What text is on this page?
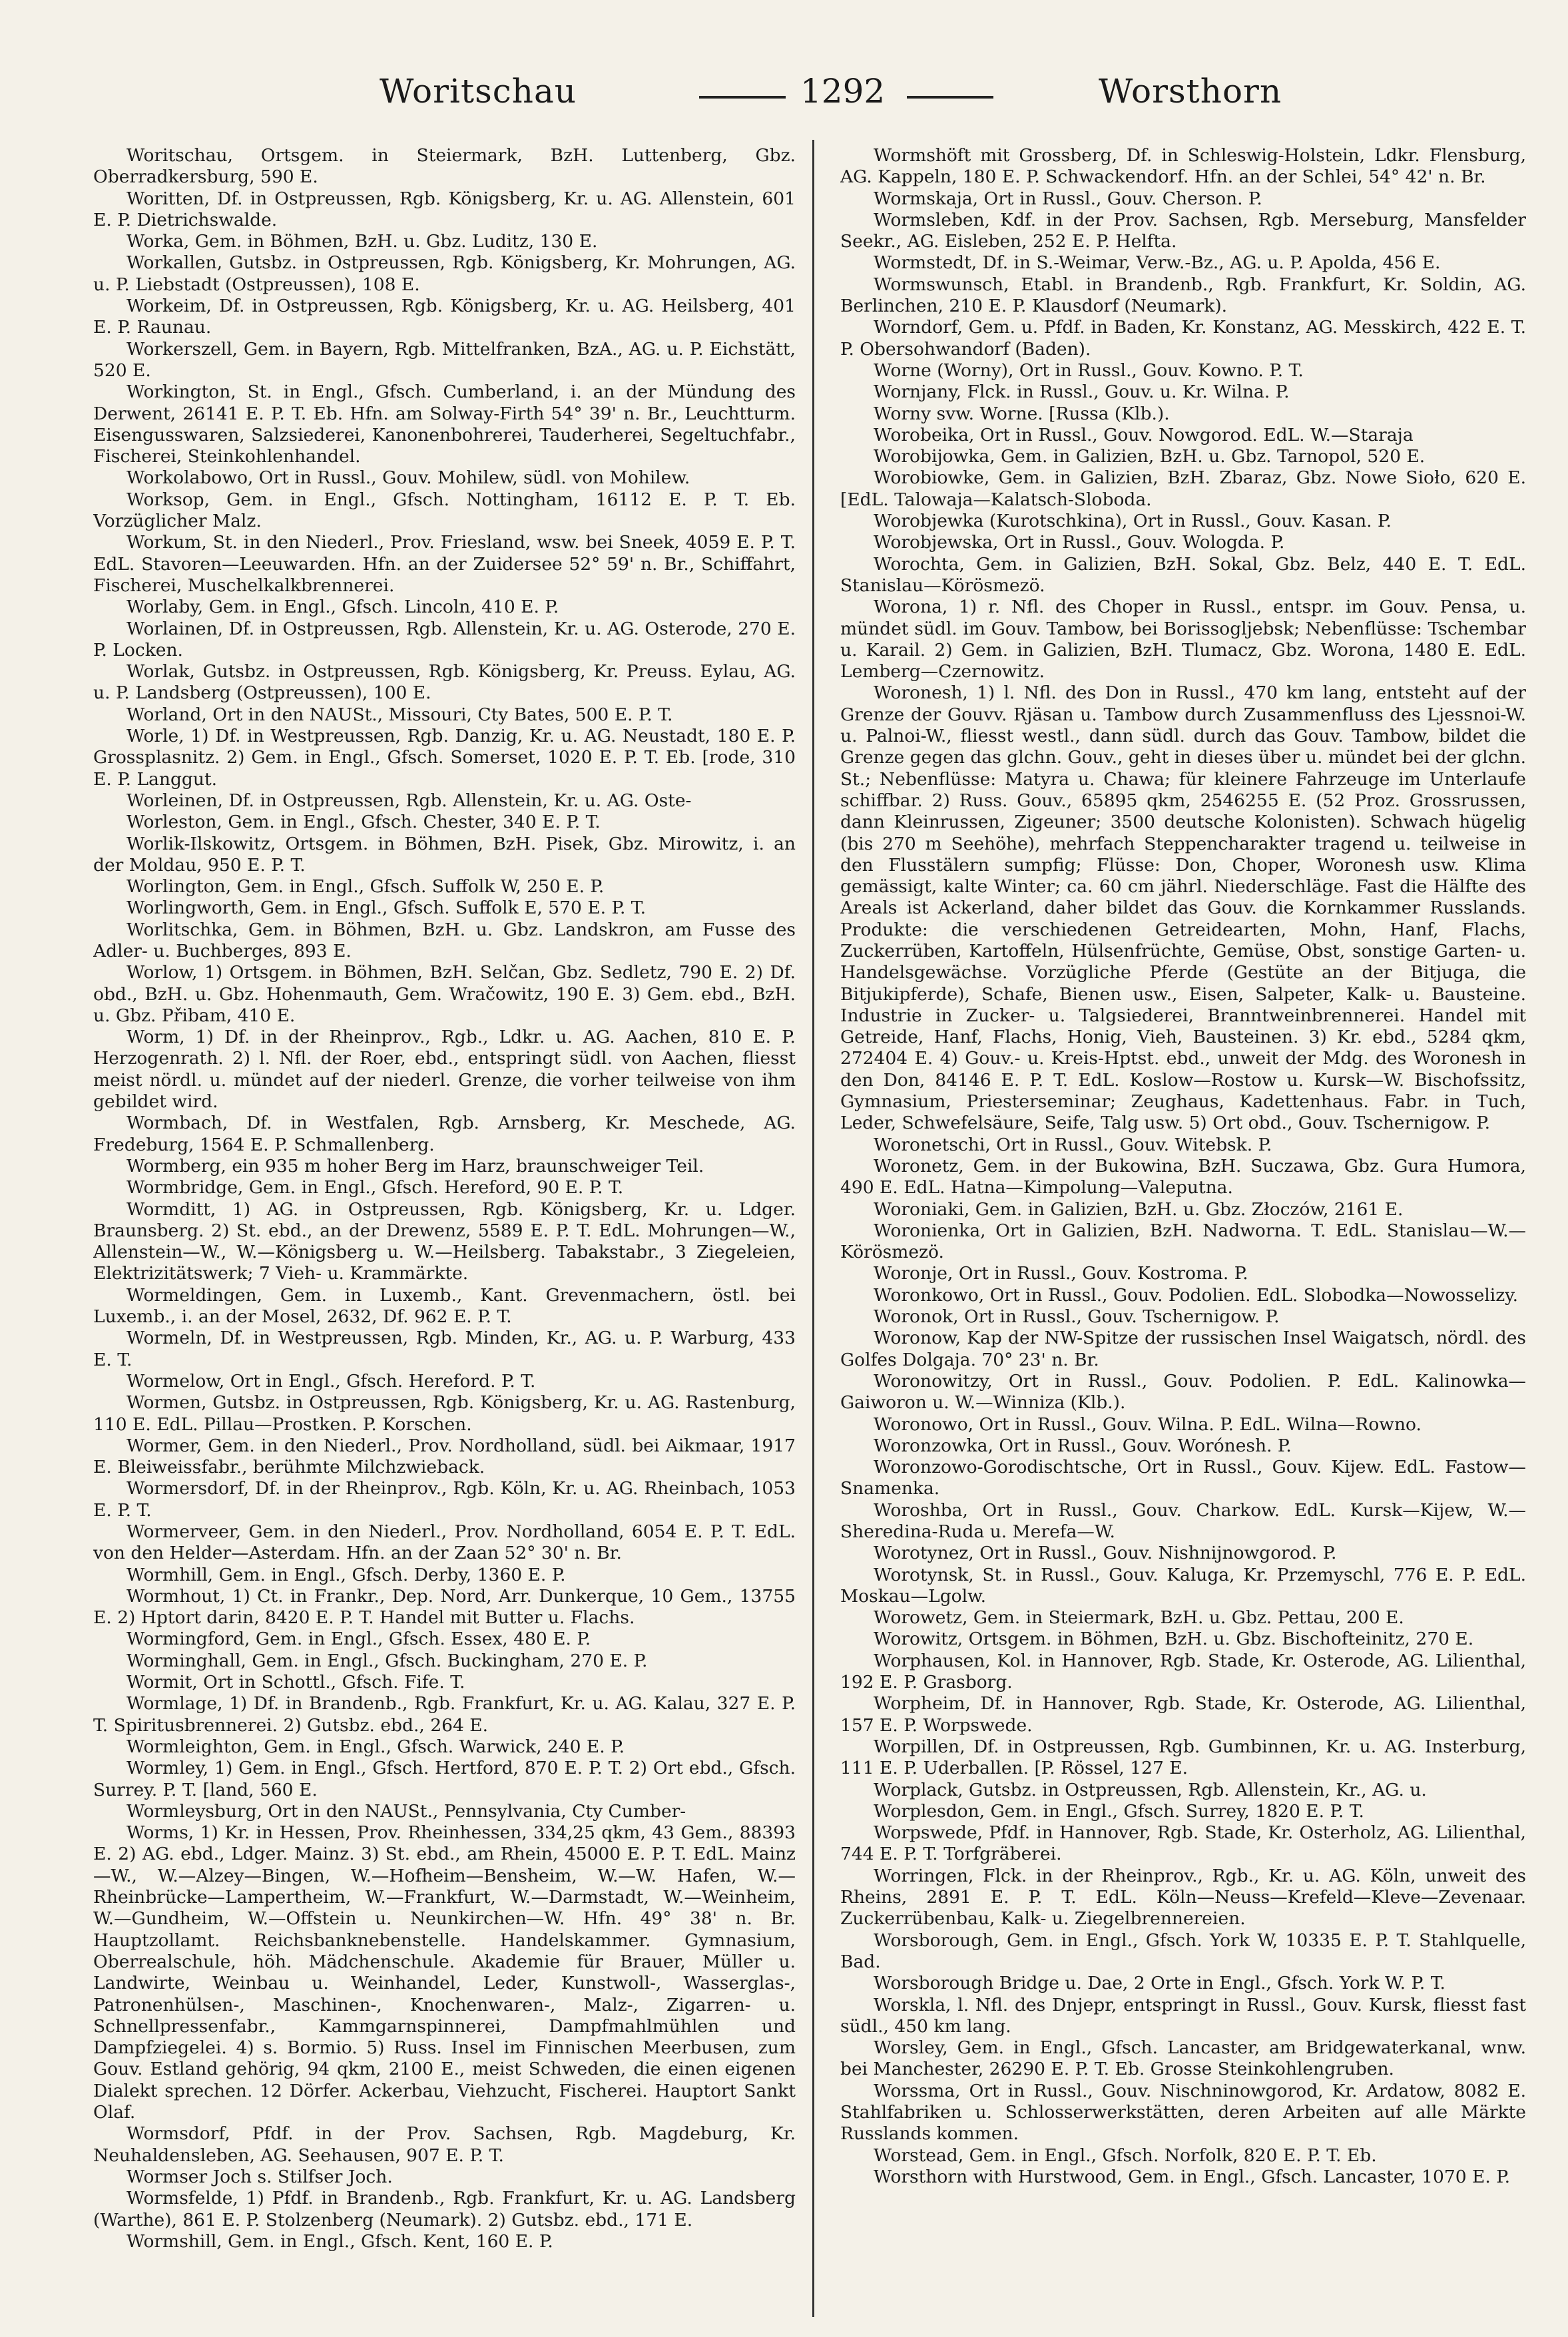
Woritschau	1292	Worsthorn

Woritschau, Ortsgem. in Steiermark, BzH. Luttenberg, Gbz. Oberradkersburg, 590 E.

Woritten, Df. in Ostpreussen, Rgb. Königsberg, Kr. u. AG. Allenstein, 601 E. P. Dietrichswalde.

Worka, Gem. in Böhmen, BzH. u. Gbz. Luditz, 130 E.

Workallen, Gutsbz. in Ostpreussen, Rgb. Königsberg, Kr. Mohrungen, AG. u. P. Liebstadt (Ostpreussen), 108 E.

Workeim, Df. in Ostpreussen, Rgb. Königsberg, Kr. u. AG. Heilsberg, 401 E. P. Raunau.

Workerszell, Gem. in Bayern, Rgb. Mittelfranken, BzA., AG. u. P. Eichstätt, 520 E.

Workington, St. in Engl., Gfsch. Cumberland, i. an der Mündung des Derwent, 26141 E. P. T. Eb. Hfn. am Solway-Firth 54° 39' n. Br., Leuchtturm. Eisengusswaren, Salzsiederei, Kanonenbohrerei, Tauderherei, Segeltuchfabr., Fischerei, Steinkohlenhandel.

Workolabowo, Ort in Russl., Gouv. Mohilew, südl. von Mohilew.

Worksop, Gem. in Engl., Gfsch. Nottingham, 16112 E. P. T. Eb. Vorzüglicher Malz.

Workum, St. in den Niederl., Prov. Friesland, wsw. bei Sneek, 4059 E. P. T. EdL. Stavoren—Leeuwarden. Hfn. an der Zuidersee 52° 59' n. Br., Schiffahrt, Fischerei, Muschelkalkbrennerei.

Worlaby, Gem. in Engl., Gfsch. Lincoln, 410 E. P.

Worlainen, Df. in Ostpreussen, Rgb. Allenstein, Kr. u. AG. Osterode, 270 E. P. Locken.

Worlak, Gutsbz. in Ostpreussen, Rgb. Königsberg, Kr. Preuss. Eylau, AG. u. P. Landsberg (Ostpreussen), 100 E.

Worland, Ort in den NAUSt., Missouri, Cty Bates, 500 E. P. T.

Worle, 1) Df. in Westpreussen, Rgb. Danzig, Kr. u. AG. Neustadt, 180 E. P. Grossplasnitz. 2) Gem. in Engl., Gfsch. Somerset, 1020 E. P. T. Eb. [rode, 310 E. P. Langgut.

Worleinen, Df. in Ostpreussen, Rgb. Allenstein, Kr. u. AG. Oste-

Worleston, Gem. in Engl., Gfsch. Chester, 340 E. P. T.

Worlik-Ilskowitz, Ortsgem. in Böhmen, BzH. Pisek, Gbz. Mirowitz, i. an der Moldau, 950 E. P. T.

Worlington, Gem. in Engl., Gfsch. Suffolk W, 250 E. P.

Worlingworth, Gem. in Engl., Gfsch. Suffolk E, 570 E. P. T.

Worlitschka, Gem. in Böhmen, BzH. u. Gbz. Landskron, am Fusse des Adler- u. Buchberges, 893 E.

Worlow, 1) Ortsgem. in Böhmen, BzH. Selčan, Gbz. Sedletz, 790 E. 2) Df. obd., BzH. u. Gbz. Hohenmauth, Gem. Wračowitz, 190 E. 3) Gem. ebd., BzH. u. Gbz. Přibam, 410 E.

Worm, 1) Df. in der Rheinprov., Rgb., Ldkr. u. AG. Aachen, 810 E. P. Herzogenrath. 2) l. Nfl. der Roer, ebd., entspringt südl. von Aachen, fliesst meist nördl. u. mündet auf der niederl. Grenze, die vorher teilweise von ihm gebildet wird.

Wormbach, Df. in Westfalen, Rgb. Arnsberg, Kr. Meschede, AG. Fredeburg, 1564 E. P. Schmallenberg.

Wormberg, ein 935 m hoher Berg im Harz, braunschweiger Teil.

Wormbridge, Gem. in Engl., Gfsch. Hereford, 90 E. P. T.

Wormditt, 1) AG. in Ostpreussen, Rgb. Königsberg, Kr. u. Ldger. Braunsberg. 2) St. ebd., an der Drewenz, 5589 E. P. T. EdL. Mohrungen—W., Allenstein—W., W.—Königsberg u. W.—Heilsberg. Tabakstabr., 3 Ziegeleien, Elektrizitätswerk; 7 Vieh- u. Krammärkte.

Wormeldingen, Gem. in Luxemb., Kant. Grevenmachern, östl. bei Luxemb., i. an der Mosel, 2632, Df. 962 E. P. T.

Wormeln, Df. in Westpreussen, Rgb. Minden, Kr., AG. u. P. Warburg, 433 E. T.

Wormelow, Ort in Engl., Gfsch. Hereford. P. T.

Wormen, Gutsbz. in Ostpreussen, Rgb. Königsberg, Kr. u. AG. Rastenburg, 110 E. EdL. Pillau—Prostken. P. Korschen.

Wormer, Gem. in den Niederl., Prov. Nordholland, südl. bei Aikmaar, 1917 E. Bleiweissfabr., berühmte Milchzwieback.

Wormersdorf, Df. in der Rheinprov., Rgb. Köln, Kr. u. AG. Rheinbach, 1053 E. P. T.

Wormerveer, Gem. in den Niederl., Prov. Nordholland, 6054 E. P. T. EdL. von den Helder—Asterdam. Hfn. an der Zaan 52° 30' n. Br.

Wormhill, Gem. in Engl., Gfsch. Derby, 1360 E. P.

Wormhout, 1) Ct. in Frankr., Dep. Nord, Arr. Dunkerque, 10 Gem., 13755 E. 2) Hptort darin, 8420 E. P. T. Handel mit Butter u. Flachs.

Wormingford, Gem. in Engl., Gfsch. Essex, 480 E. P.

Worminghall, Gem. in Engl., Gfsch. Buckingham, 270 E. P.

Wormit, Ort in Schottl., Gfsch. Fife. T.

Wormlage, 1) Df. in Brandenb., Rgb. Frankfurt, Kr. u. AG. Kalau, 327 E. P. T. Spiritusbrennerei. 2) Gutsbz. ebd., 264 E.

Wormleighton, Gem. in Engl., Gfsch. Warwick, 240 E. P.

Wormley, 1) Gem. in Engl., Gfsch. Hertford, 870 E. P. T. 2) Ort ebd., Gfsch. Surrey. P. T. [land, 560 E.

Wormleysburg, Ort in den NAUSt., Pennsylvania, Cty Cumber-

Worms, 1) Kr. in Hessen, Prov. Rheinhessen, 334,25 qkm, 43 Gem., 88393 E. 2) AG. ebd., Ldger. Mainz. 3) St. ebd., am Rhein, 45000 E. P. T. EdL. Mainz—W., W.—Alzey—Bingen, W.—Hofheim—Bensheim, W.—W. Hafen, W.—Rheinbrücke—Lampertheim, W.—Frankfurt, W.—Darmstadt, W.—Weinheim, W.—Gundheim, W.—Offstein u. Neunkirchen—W. Hfn. 49° 38' n. Br. Hauptzollamt. Reichsbanknebenstelle. Handelskammer. Gymnasium, Oberrealschule, höh. Mädchenschule. Akademie für Brauer, Müller u. Landwirte, Weinbau u. Weinhandel, Leder, Kunstwoll-, Wasserglas-, Patronenhülsen-, Maschinen-, Knochenwaren-, Malz-, Zigarren- u. Schnellpressenfabr., Kammgarnspinnerei, Dampfmahlmühlen und Dampfziegelei. 4) s. Bormio. 5) Russ. Insel im Finnischen Meerbusen, zum Gouv. Estland gehörig, 94 qkm, 2100 E., meist Schweden, die einen eigenen Dialekt sprechen. 12 Dörfer. Ackerbau, Viehzucht, Fischerei. Hauptort Sankt Olaf.

Wormsdorf, Pfdf. in der Prov. Sachsen, Rgb. Magdeburg, Kr. Neuhaldensleben, AG. Seehausen, 907 E. P. T.

Wormser Joch s. Stilfser Joch.

Wormsfelde, 1) Pfdf. in Brandenb., Rgb. Frankfurt, Kr. u. AG. Landsberg (Warthe), 861 E. P. Stolzenberg (Neumark). 2) Gutsbz. ebd., 171 E.

Wormshill, Gem. in Engl., Gfsch. Kent, 160 E. P.

Wormshöft mit Grossberg, Df. in Schleswig-Holstein, Ldkr. Flensburg, AG. Kappeln, 180 E. P. Schwackendorf. Hfn. an der Schlei, 54° 42' n. Br.

Wormskaja, Ort in Russl., Gouv. Cherson. P.

Wormsleben, Kdf. in der Prov. Sachsen, Rgb. Merseburg, Mansfelder Seekr., AG. Eisleben, 252 E. P. Helfta.

Wormstedt, Df. in S.-Weimar, Verw.-Bz., AG. u. P. Apolda, 456 E.

Wormswunsch, Etabl. in Brandenb., Rgb. Frankfurt, Kr. Soldin, AG. Berlinchen, 210 E. P. Klausdorf (Neumark).

Worndorf, Gem. u. Pfdf. in Baden, Kr. Konstanz, AG. Messkirch, 422 E. T. P. Obersohwandorf (Baden).

Worne (Worny), Ort in Russl., Gouv. Kowno. P. T.

Wornjany, Flck. in Russl., Gouv. u. Kr. Wilna. P.

Worny svw. Worne. [Russa (Klb.).

Worobeika, Ort in Russl., Gouv. Nowgorod. EdL. W.—Staraja

Worobijowka, Gem. in Galizien, BzH. u. Gbz. Tarnopol, 520 E.

Worobiowke, Gem. in Galizien, BzH. Zbaraz, Gbz. Nowe Sioło, 620 E. [EdL. Talowaja—Kalatsch-Sloboda.

Worobjewka (Kurotschkina), Ort in Russl., Gouv. Kasan. P.

Worobjewska, Ort in Russl., Gouv. Wologda. P.

Worochta, Gem. in Galizien, BzH. Sokal, Gbz. Belz, 440 E. T. EdL. Stanislau—Körösmezö.

Worona, 1) r. Nfl. des Choper in Russl., entspr. im Gouv. Pensa, u. mündet südl. im Gouv. Tambow, bei Borissogljebsk; Nebenflüsse: Tschembar u. Karail. 2) Gem. in Galizien, BzH. Tlumacz, Gbz. Worona, 1480 E. EdL. Lemberg—Czernowitz.

Woronesh, 1) l. Nfl. des Don in Russl., 470 km lang, entsteht auf der Grenze der Gouvv. Rjäsan u. Tambow durch Zusammenfluss des Ljessnoi-W. u. Palnoi-W., fliesst westl., dann südl. durch das Gouv. Tambow, bildet die Grenze gegen das glchn. Gouv., geht in dieses über u. mündet bei der glchn. St.; Nebenflüsse: Matyra u. Chawa; für kleinere Fahrzeuge im Unterlaufe schiffbar. 2) Russ. Gouv., 65895 qkm, 2546255 E. (52 Proz. Grossrussen, dann Kleinrussen, Zigeuner; 3500 deutsche Kolonisten). Schwach hügelig (bis 270 m Seehöhe), mehrfach Steppencharakter tragend u. teilweise in den Flusstälern sumpfig; Flüsse: Don, Choper, Woronesh usw. Klima gemässigt, kalte Winter; ca. 60 cm jährl. Niederschläge. Fast die Hälfte des Areals ist Ackerland, daher bildet das Gouv. die Kornkammer Russlands. Produkte: die verschiedenen Getreidearten, Mohn, Hanf, Flachs, Zuckerrüben, Kartoffeln, Hülsenfrüchte, Gemüse, Obst, sonstige Garten- u. Handelsgewächse. Vorzügliche Pferde (Gestüte an der Bitjuga, die Bitjukipferde), Schafe, Bienen usw., Eisen, Salpeter, Kalk- u. Bausteine. Industrie in Zucker- u. Talgsiederei, Branntweinbrennerei. Handel mit Getreide, Hanf, Flachs, Honig, Vieh, Bausteinen. 3) Kr. ebd., 5284 qkm, 272404 E. 4) Gouv.- u. Kreis-Hptst. ebd., unweit der Mdg. des Woronesh in den Don, 84146 E. P. T. EdL. Koslow—Rostow u. Kursk—W. Bischofssitz, Gymnasium, Priesterseminar; Zeughaus, Kadettenhaus. Fabr. in Tuch, Leder, Schwefelsäure, Seife, Talg usw. 5) Ort obd., Gouv. Tschernigow. P.

Woronetschi, Ort in Russl., Gouv. Witebsk. P.

Woronetz, Gem. in der Bukowina, BzH. Suczawa, Gbz. Gura Humora, 490 E. EdL. Hatna—Kimpolung—Valeputna.

Woroniaki, Gem. in Galizien, BzH. u. Gbz. Złoczów, 2161 E.

Woronienka, Ort in Galizien, BzH. Nadworna. T. EdL. Stanislau—W.—Körösmezö.

Woronje, Ort in Russl., Gouv. Kostroma. P.

Woronkowo, Ort in Russl., Gouv. Podolien. EdL. Slobodka—Nowosselizy.

Woronok, Ort in Russl., Gouv. Tschernigow. P.

Woronow, Kap der NW-Spitze der russischen Insel Waigatsch, nördl. des Golfes Dolgaja. 70° 23' n. Br.

Woronowitzy, Ort in Russl., Gouv. Podolien. P. EdL. Kalinowka—Gaiworon u. W.—Winniza (Klb.).

Woronowo, Ort in Russl., Gouv. Wilna. P. EdL. Wilna—Rowno.

Woronzowka, Ort in Russl., Gouv. Worónesh. P.

Woronzowo-Gorodischtsche, Ort in Russl., Gouv. Kijew. EdL. Fastow—Snamenka.

Woroshba, Ort in Russl., Gouv. Charkow. EdL. Kursk—Kijew, W.—Sheredina-Ruda u. Merefa—W.

Worotynez, Ort in Russl., Gouv. Nishnijnowgorod. P.

Worotynsk, St. in Russl., Gouv. Kaluga, Kr. Przemyschl, 776 E. P. EdL. Moskau—Lgolw.

Worowetz, Gem. in Steiermark, BzH. u. Gbz. Pettau, 200 E.

Worowitz, Ortsgem. in Böhmen, BzH. u. Gbz. Bischofteinitz, 270 E.

Worphausen, Kol. in Hannover, Rgb. Stade, Kr. Osterode, AG. Lilienthal, 192 E. P. Grasborg.

Worpheim, Df. in Hannover, Rgb. Stade, Kr. Osterode, AG. Lilienthal, 157 E. P. Worpswede.

Worpillen, Df. in Ostpreussen, Rgb. Gumbinnen, Kr. u. AG. Insterburg, 111 E. P. Uderballen. [P. Rössel, 127 E.

Worplack, Gutsbz. in Ostpreussen, Rgb. Allenstein, Kr., AG. u.

Worplesdon, Gem. in Engl., Gfsch. Surrey, 1820 E. P. T.

Worpswede, Pfdf. in Hannover, Rgb. Stade, Kr. Osterholz, AG. Lilienthal, 744 E. P. T. Torfgräberei.

Worringen, Flck. in der Rheinprov., Rgb., Kr. u. AG. Köln, unweit des Rheins, 2891 E. P. T. EdL. Köln—Neuss—Krefeld—Kleve—Zevenaar. Zuckerrübenbau, Kalk- u. Ziegelbrennereien.

Worsborough, Gem. in Engl., Gfsch. York W, 10335 E. P. T. Stahlquelle, Bad.

Worsborough Bridge u. Dae, 2 Orte in Engl., Gfsch. York W. P. T.

Worskla, l. Nfl. des Dnjepr, entspringt in Russl., Gouv. Kursk, fliesst fast südl., 450 km lang.

Worsley, Gem. in Engl., Gfsch. Lancaster, am Bridgewaterkanal, wnw. bei Manchester, 26290 E. P. T. Eb. Grosse Steinkohlengruben.

Worssma, Ort in Russl., Gouv. Nischninowgorod, Kr. Ardatow, 8082 E. Stahlfabriken u. Schlosserwerkstätten, deren Arbeiten auf alle Märkte Russlands kommen.

Worstead, Gem. in Engl., Gfsch. Norfolk, 820 E. P. T. Eb.

Worsthorn with Hurstwood, Gem. in Engl., Gfsch. Lancaster, 1070 E. P.
